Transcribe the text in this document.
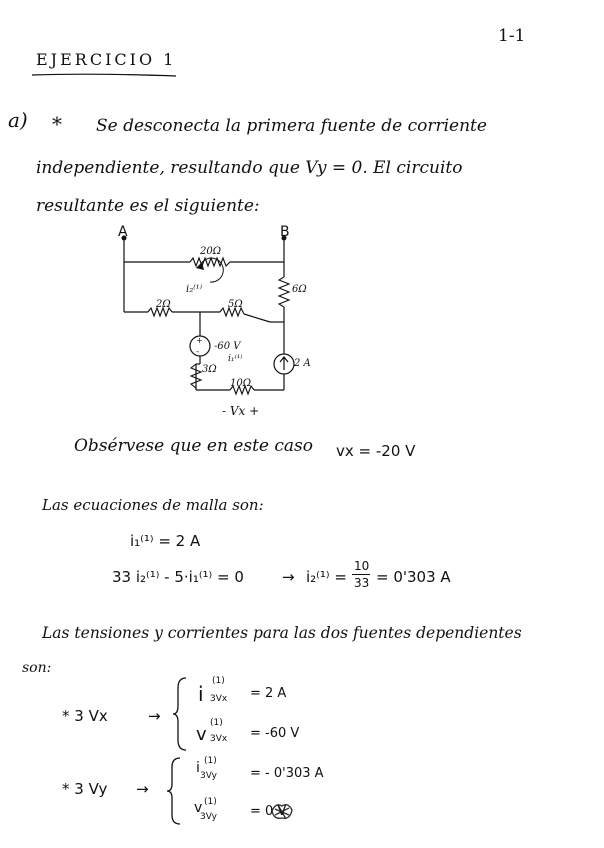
1-1
EJERCICIO 1
a) * Se desconecta la primera fuente de corriente
independiente, resultando que Vy = 0. El circuito
resultante es el siguiente:
+
-
A	B
20Ω
6Ω
i₂⁽¹⁾
2Ω	5Ω
-60 V
i₁⁽¹⁾
3Ω
2 A
10Ω
- Vx +
Obsérvese que en este caso vx = -20 V
Las ecuaciones de malla son:
i₁⁽¹⁾ = 2 A
33 i₂⁽¹⁾ - 5·i₁⁽¹⁾ = 0	→ i₂⁽¹⁾ =
10
33 = 0'303 A
Las tensiones y corrientes para las dos fuentes dependientes
son:
* 3 Vx	→
i
(1)
3Vx = 2 A
v
(1)
3Vx = -60 V
* 3 Vy →
i (1)
3Vy	= - 0'303 A
v (1)
3Vy	= 0 V
